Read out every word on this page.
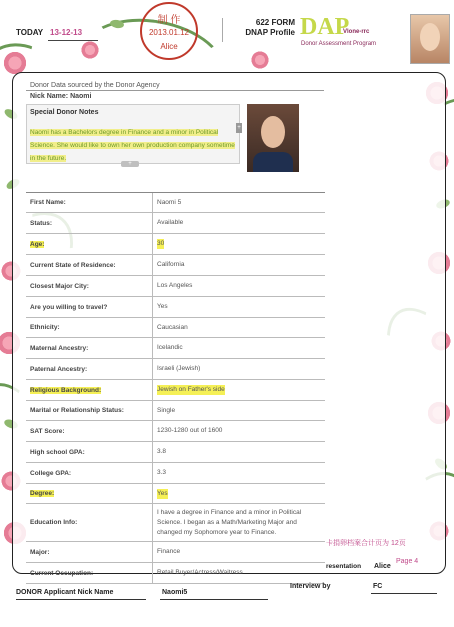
TODAY 13-12-13
制 作
2013.01.12
Alice
622 FORM
DNAP Profile DAP
Vlone-rrc
Donor Assessment Program
Donor Data sourced by the Donor Agency
Nick Name: Naomi
Special Donor Notes
Naomi has a Bachelors degree in Finance and a minor in Political Science. She would like to own her own production company sometime in the future.
+
+
First Name:	Naomi 5
Status:	Available
Age:	30
Current State of Residence:	California
Closest Major City:	Los Angeles
Are you willing to travel?	Yes
Ethnicity:	Caucasian
Maternal Ancestry:	Icelandic
Paternal Ancestry:	Israeli (Jewish)
Religious Background:	Jewish on Father's side
Marital or Relationship Status:	Single
SAT Score:	1230-1280 out of 1600
High school GPA:	3.8
College GPA:	3.3
Degree:	Yes
Education Info:
I have a degree in Finance and a minor in Political Science. I began as a Math/Marketing Major and changed my Sophomore year to Finance.
Major:	Finance
Current Occupation:	Retail Buyer/Actress/Waitress
卡捐卵档案合计页为 12页
Page 4
resentation Alice
DONOR Applicant Nick Name	Naomi5
Interview by	FC
